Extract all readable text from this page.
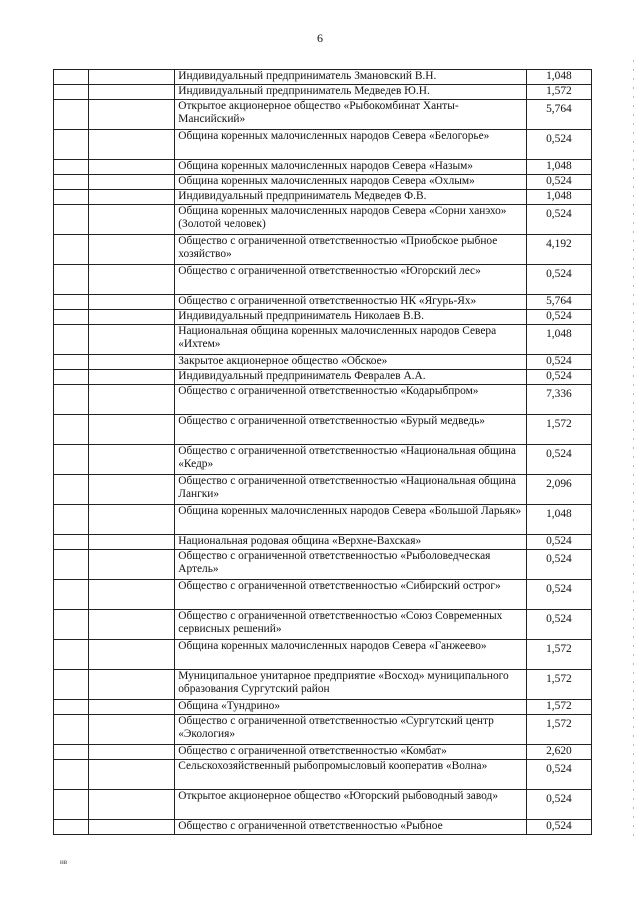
6
		Индивидуальный предприниматель Змановский В.Н.	1,048
		Индивидуальный предприниматель Медведев Ю.Н.	1,572
		Открытое акционерное общество «Рыбокомбинат Ханты-Мансийский»	5,764
		Община коренных малочисленных народов Севера «Белогорье»	0,524
		Община коренных малочисленных народов Севера «Назым»	1,048
		Община коренных малочисленных народов Севера «Охлым»	0,524
		Индивидуальный предприниматель Медведев Ф.В.	1,048
		Община коренных малочисленных народов Севера «Сорни ханэхо» (Золотой человек)	0,524
		Общество с ограниченной ответственностью «Приобское рыбное хозяйство»	4,192
		Общество с ограниченной ответственностью «Югорский лес»	0,524
		Общество с ограниченной ответственностью НК «Ягурь-Ях»	5,764
		Индивидуальный предприниматель Николаев В.В.	0,524
		Национальная община коренных малочисленных народов Севера «Ихтем»	1,048
		Закрытое акционерное общество «Обское»	0,524
		Индивидуальный предприниматель Февралев А.А.	0,524
		Общество с ограниченной ответственностью «Кодарыбпром»	7,336
		Общество с ограниченной ответственностью «Бурый медведь»	1,572
		Общество с ограниченной ответственностью «Национальная община «Кедр»	0,524
		Общество с ограниченной ответственностью «Национальная община Лангки»	2,096
		Община коренных малочисленных народов Севера «Большой Ларьяк»	1,048
		Национальная родовая община «Верхне-Вахская»	0,524
		Общество с ограниченной ответственностью «Рыболоведческая Артель»	0,524
		Общество с ограниченной ответственностью «Сибирский острог»	0,524
		Общество с ограниченной ответственностью «Союз Современных сервисных решений»	0,524
		Община коренных малочисленных народов Севера «Ганжеево»	1,572
		Муниципальное унитарное предприятие «Восход» муниципального образования Сургутский район	1,572
		Община «Тундрино»	1,572
		Общество с ограниченной ответственностью «Сургутский центр «Экология»	1,572
		Общество с ограниченной ответственностью «Комбат»	2,620
		Сельскохозяйственный рыбопромысловый кооператив «Волна»	0,524
		Открытое акционерное общество «Югорский рыбоводный завод»	0,524
		Общество с ограниченной ответственностью «Рыбное	0,524
нв
